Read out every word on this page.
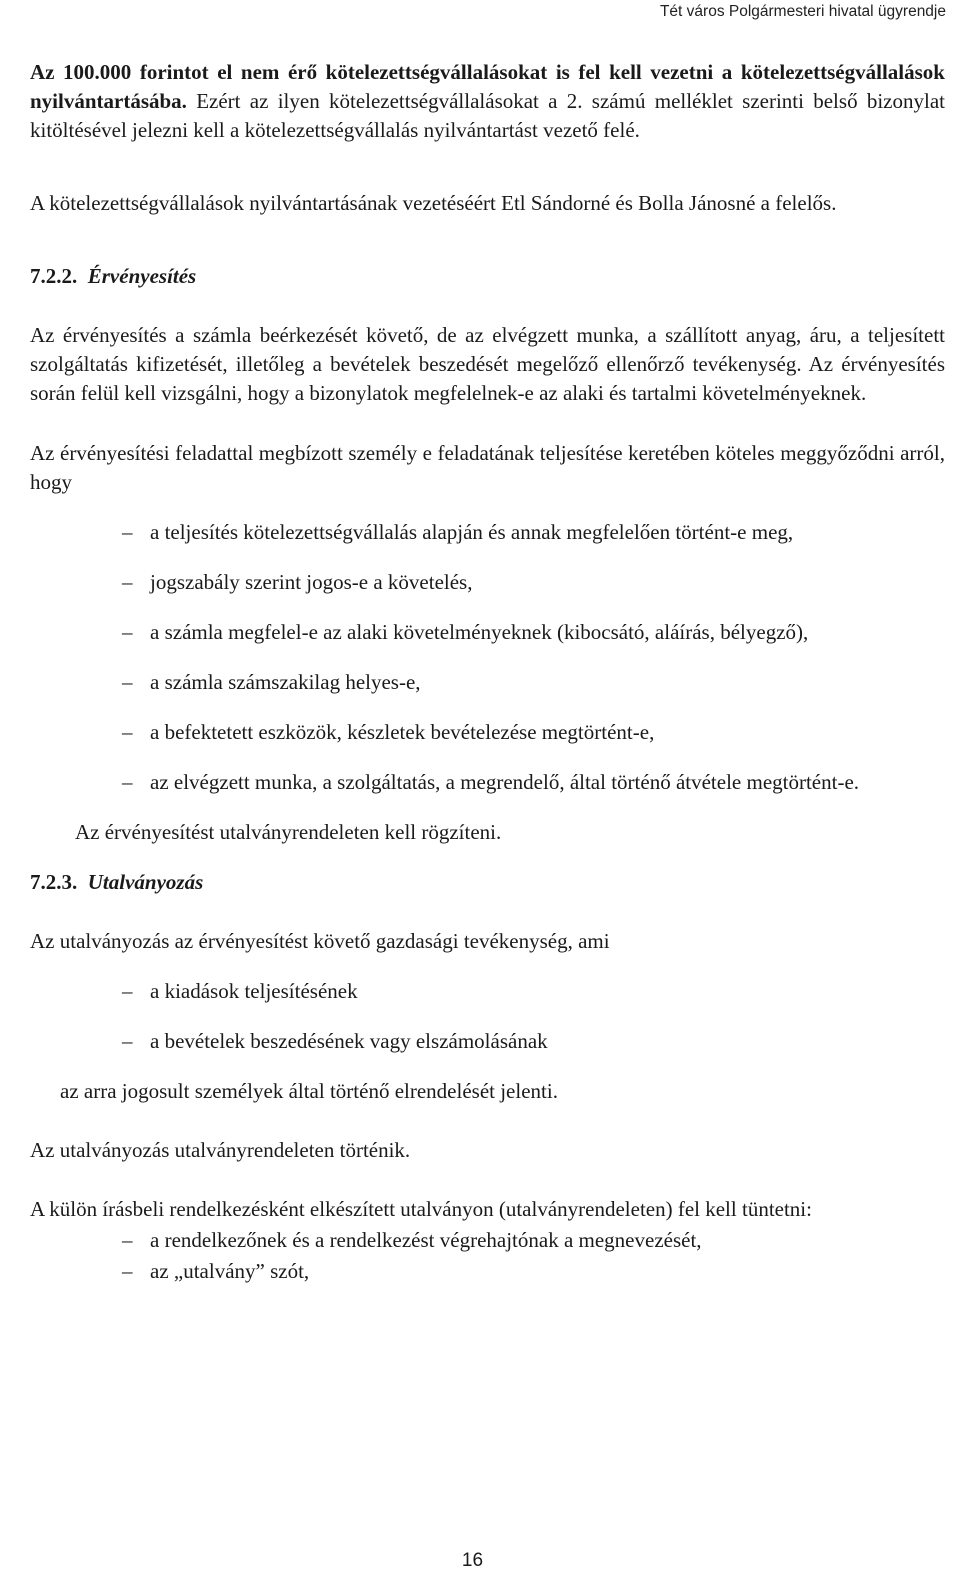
Tét város Polgármesteri hivatal ügyrendje

Az 100.000 forintot el nem érő kötelezettségvállalásokat is fel kell vezetni a kötelezettségvállalások nyilvántartásába. Ezért az ilyen kötelezettségvállalásokat a 2. számú melléklet szerinti belső bizonylat kitöltésével jelezni kell a kötelezettségvállalás nyilvántartást vezető felé.

A kötelezettségvállalások nyilvántartásának vezetéséért Etl Sándorné és Bolla Jánosné a felelős.

7.2.2. Érvényesítés

Az érvényesítés a számla beérkezését követő, de az elvégzett munka, a szállított anyag, áru, a teljesített szolgáltatás kifizetését, illetőleg a bevételek beszedését megelőző ellenőrző tevékenység. Az érvényesítés során felül kell vizsgálni, hogy a bizonylatok megfelelnek-e az alaki és tartalmi követelményeknek.

Az érvényesítési feladattal megbízott személy e feladatának teljesítése keretében köteles meggyőződni arról, hogy

– a teljesítés kötelezettségvállalás alapján és annak megfelelően történt-e meg,
– jogszabály szerint jogos-e a követelés,
– a számla megfelel-e az alaki követelményeknek (kibocsátó, aláírás, bélyegző),
– a számla számszakilag helyes-e,
– a befektetett eszközök, készletek bevételezése megtörtént-e,
– az elvégzett munka, a szolgáltatás, a megrendelő, által történő átvétele megtörtént-e.

Az érvényesítést utalványrendeleten kell rögzíteni.

7.2.3. Utalványozás

Az utalványozás az érvényesítést követő gazdasági tevékenység, ami

– a kiadások teljesítésének
– a bevételek beszedésének vagy elszámolásának

az arra jogosult személyek által történő elrendelését jelenti.

Az utalványozás utalványrendeleten történik.

A külön írásbeli rendelkezésként elkészített utalványon (utalványrendeleten) fel kell tüntetni:

– a rendelkezőnek és a rendelkezést végrehajtónak a megnevezését,
– az „utalvány” szót,
16
